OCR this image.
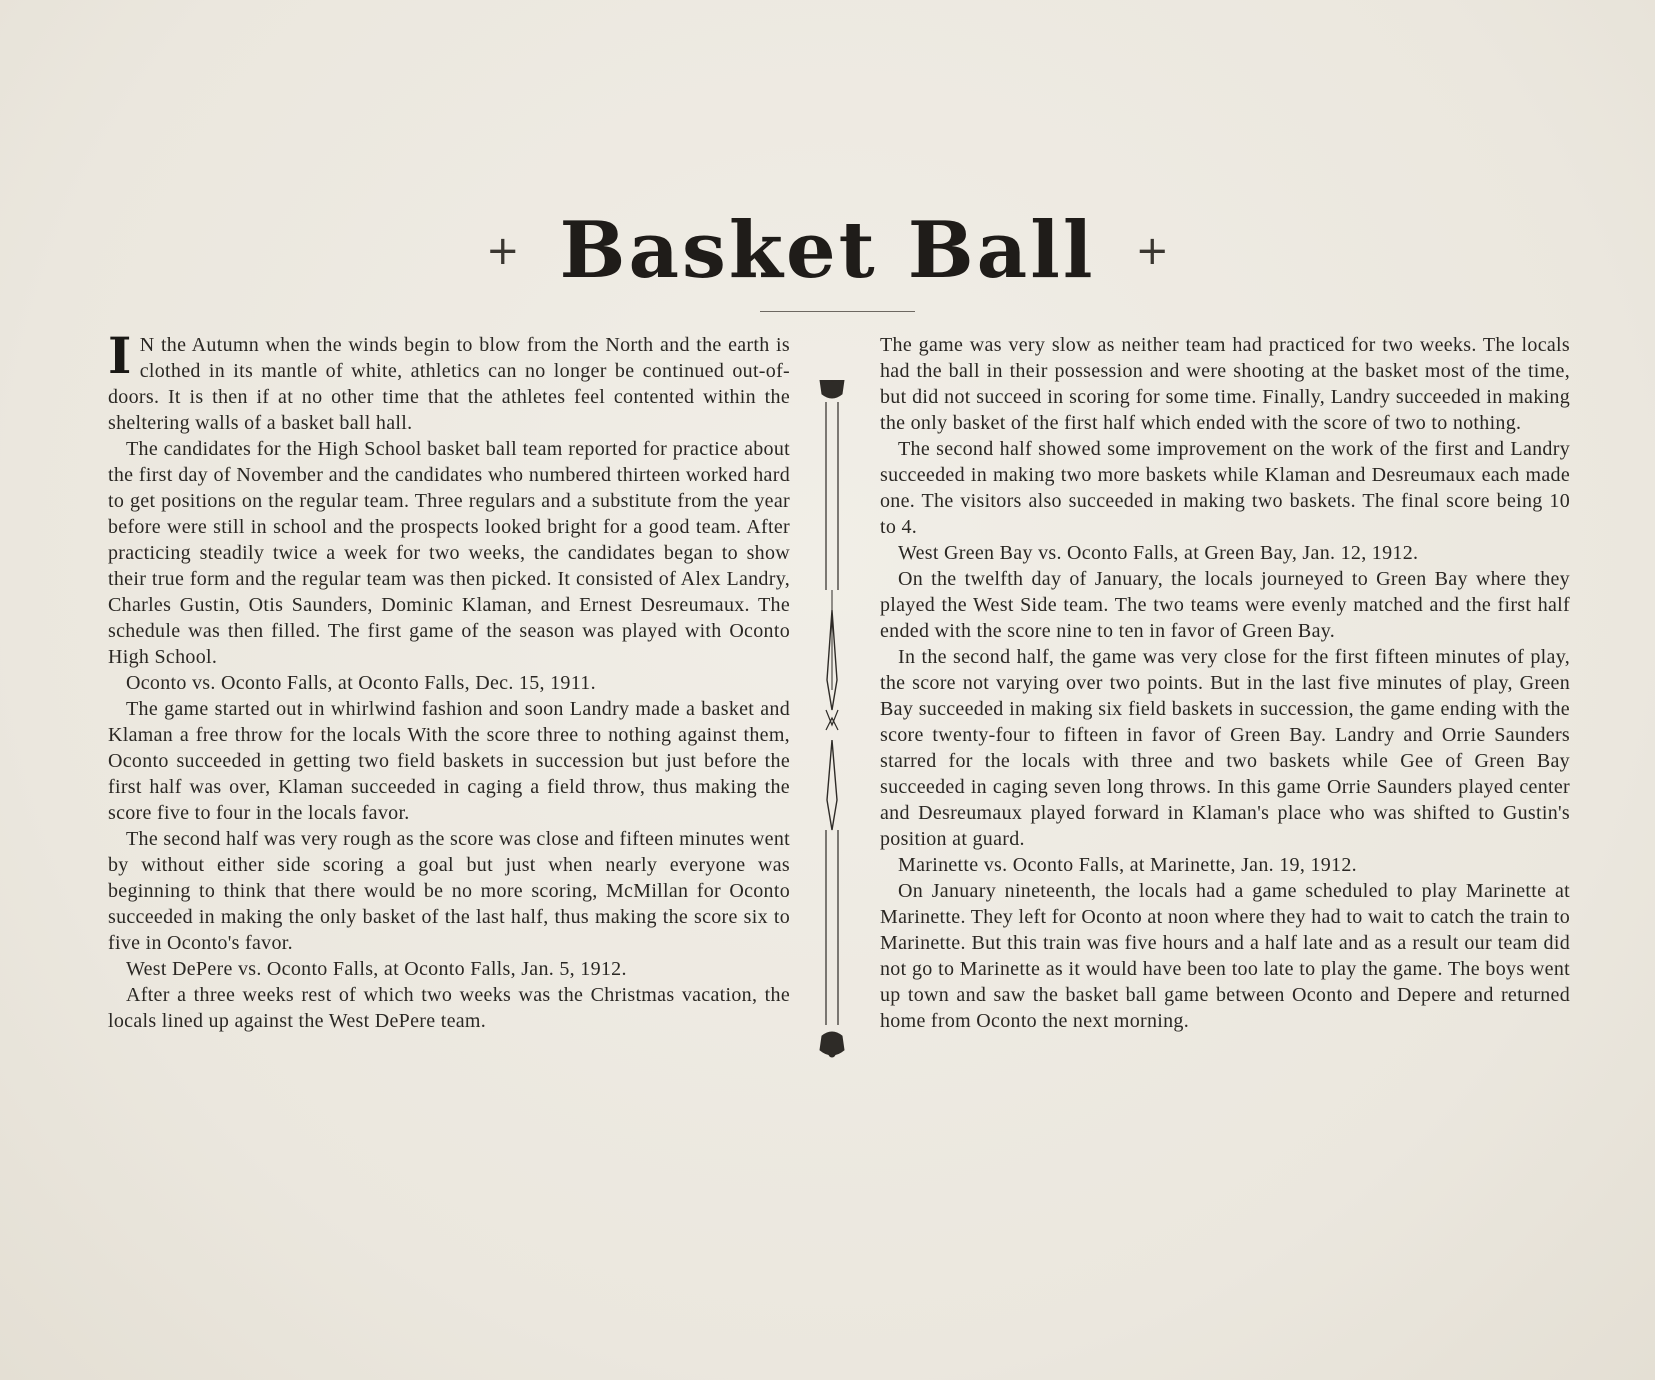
+ Basket Ball +

I N the Autumn when the winds begin to blow from the North and the earth is clothed in its mantle of white, athletics can no longer be continued out-of-doors. It is then if at no other time that the athletes feel contented within the sheltering walls of a basket ball hall.

The candidates for the High School basket ball team reported for practice about the first day of November and the candidates who numbered thirteen worked hard to get positions on the regular team. Three regulars and a substitute from the year before were still in school and the prospects looked bright for a good team. After practicing steadily twice a week for two weeks, the candidates began to show their true form and the regular team was then picked. It consisted of Alex Landry, Charles Gustin, Otis Saunders, Dominic Klaman, and Ernest Desreumaux. The schedule was then filled. The first game of the season was played with Oconto High School.

Oconto vs. Oconto Falls, at Oconto Falls, Dec. 15, 1911.

The game started out in whirlwind fashion and soon Landry made a basket and Klaman a free throw for the locals With the score three to nothing against them, Oconto succeeded in getting two field baskets in succession but just before the first half was over, Klaman succeeded in caging a field throw, thus making the score five to four in the locals favor.

The second half was very rough as the score was close and fifteen minutes went by without either side scoring a goal but just when nearly everyone was beginning to think that there would be no more scoring, McMillan for Oconto succeeded in making the only basket of the last half, thus making the score six to five in Oconto's favor.

West DePere vs. Oconto Falls, at Oconto Falls, Jan. 5, 1912.

After a three weeks rest of which two weeks was the Christmas vacation, the locals lined up against the West DePere team.

The game was very slow as neither team had practiced for two weeks. The locals had the ball in their possession and were shooting at the basket most of the time, but did not succeed in scoring for some time. Finally, Landry succeeded in making the only basket of the first half which ended with the score of two to nothing.

The second half showed some improvement on the work of the first and Landry succeeded in making two more baskets while Klaman and Desreumaux each made one. The visitors also succeeded in making two baskets. The final score being 10 to 4.

West Green Bay vs. Oconto Falls, at Green Bay, Jan. 12, 1912.

On the twelfth day of January, the locals journeyed to Green Bay where they played the West Side team. The two teams were evenly matched and the first half ended with the score nine to ten in favor of Green Bay.

In the second half, the game was very close for the first fifteen minutes of play, the score not varying over two points. But in the last five minutes of play, Green Bay succeeded in making six field baskets in succession, the game ending with the score twenty-four to fifteen in favor of Green Bay. Landry and Orrie Saunders starred for the locals with three and two baskets while Gee of Green Bay succeeded in caging seven long throws. In this game Orrie Saunders played center and Desreumaux played forward in Klaman's place who was shifted to Gustin's position at guard.

Marinette vs. Oconto Falls, at Marinette, Jan. 19, 1912.

On January nineteenth, the locals had a game scheduled to play Marinette at Marinette. They left for Oconto at noon where they had to wait to catch the train to Marinette. But this train was five hours and a half late and as a result our team did not go to Marinette as it would have been too late to play the game. The boys went up town and saw the basket ball game between Oconto and Depere and returned home from Oconto the next morning.
